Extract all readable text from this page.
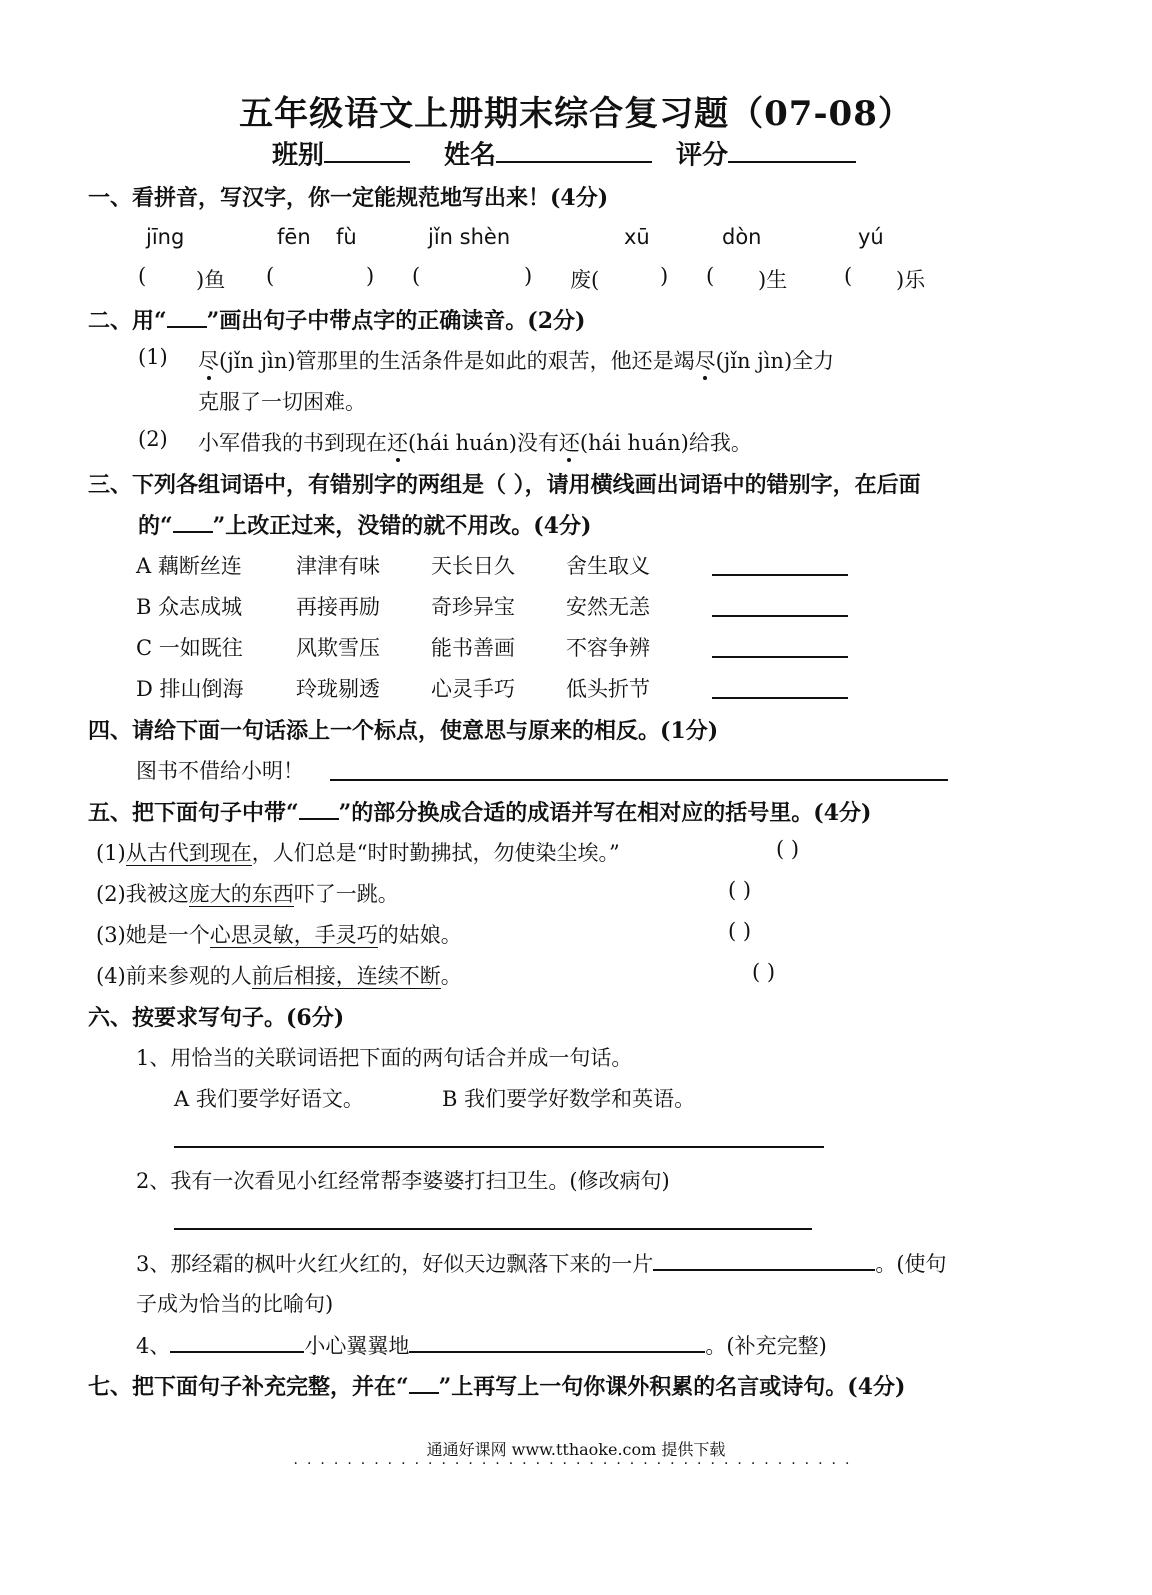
五年级语文上册期末综合复习题（07-08）
班别	姓名	评分
一、看拼音，写汉字，你一定能规范地写出来！(4分)
jīng	fēn fù	jǐn shèn	xū	dòn	yú
( )鱼 (	) (	) 废(	) ( )生	( )乐
二、用“ ”画出句子中带点字的正确读音。(2分)
(1) 尽(jǐn jìn)管那里的生活条件是如此的艰苦，他还是竭尽(jǐn jìn)全力
克服了一切困难。
(2) 小军借我的书到现在还(hái huán)没有还(hái huán)给我。
三、下列各组词语中，有错别字的两组是（ ），请用横线画出词语中的错别字，在后面
的“ ”上改正过来，没错的就不用改。(4分)
A 藕断丝连	津津有味 天长日久 舍生取义
B 众志成城	再接再励 奇珍异宝 安然无恙
C 一如既往	风欺雪压 能书善画 不容争辨
D 排山倒海 玲珑剔透 心灵手巧 低头折节
四、请给下面一句话添上一个标点，使意思与原来的相反。(1分)
图书不借给小明！
五、把下面句子中带“ ”的部分换成合适的成语并写在相对应的括号里。(4分)
(1)从古代到现在，人们总是“时时勤拂拭，勿使染尘埃。”	( )
(2)我被这庞大的东西吓了一跳。	( )
(3)她是一个心思灵敏，手灵巧的姑娘。	( )
(4)前来参观的人前后相接，连续不断。	( )
六、按要求写句子。(6分)
1、用恰当的关联词语把下面的两句话合并成一句话。
A 我们要学好语文。	B 我们要学好数学和英语。
2、我有一次看见小红经常帮李婆婆打扫卫生。(修改病句)
3、那经霜的枫叶火红火红的，好似天边飘落下来的一片	。(使句
子成为恰当的比喻句)
4、	小心翼翼地	。(补充完整)
七、把下面句子补充完整，并在“ ”上再写上一句你课外积累的名言或诗句。(4分)
通通好课网 www.tthaoke.com 提供下载
··········································
